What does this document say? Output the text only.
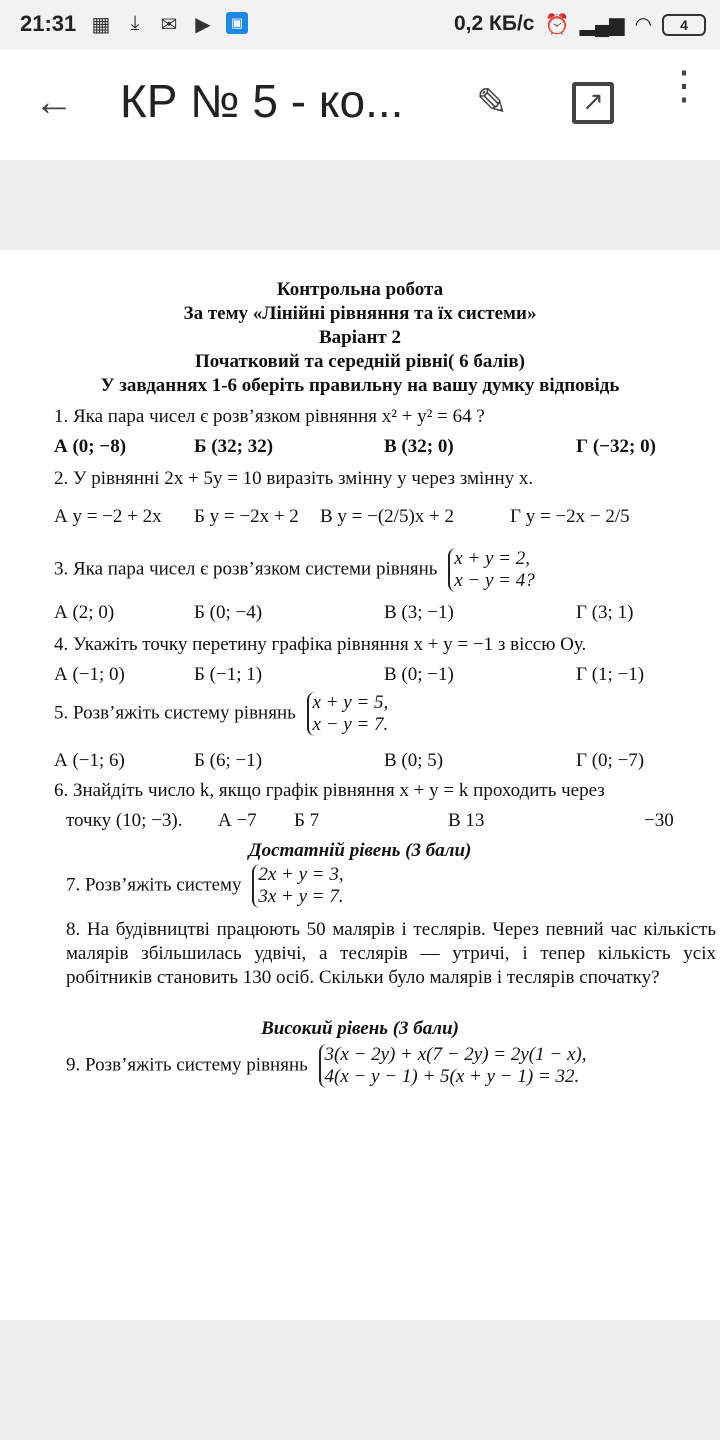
21:31 ▦	⤓	✉ ▶	▣	0,2 КБ/с ⏰ ▂▄▆ ◠	4
← КР № 5 - ко... ✎	↗ ⋮
Контрольна робота
За тему «Лінійні рівняння та їх системи»
Варіант 2
Початковий та середній рівні( 6 балів)
У завданнях 1-6 оберіть правильну на вашу думку відповідь
1. Яка пара чисел є розв’язком рівняння x² + y² = 64 ?
А (0; −8)	Б (32; 32)	В (32; 0)	Г (−32; 0)
2. У рівнянні 2x + 5y = 10 виразіть змінну у через змінну х.
А y = −2 + 2x Б y = −2x + 2 В y = −(2/5)x + 2	Г y = −2x − 2/5
3. Яка пара чисел є розв’язком системи рівнянь x + y = 2,
x − y = 4?
А (2; 0)	Б (0; −4)	В (3; −1)	Г (3; 1)
4. Укажіть точку перетину графіка рівняння x + y = −1 з віссю Оу.
А (−1; 0)	Б (−1; 1)	В (0; −1)	Г (1; −1)
5. Розв’яжіть систему рівнянь x + y = 5,
x − y = 7.
А (−1; 6)	Б (6; −1)	В (0; 5)	Г (0; −7)
6. Знайдіть число k, якщо графік рівняння x + y = k проходить через
точку (10; −3). А −7 Б 7	В 13	−30
Достатній рівень (3 бали)
7. Розв’яжіть систему 2x + y = 3,
3x + y = 7.
8. На будівництві працюють 50 малярів і теслярів. Через певний час кількість малярів збільшилась удвічі, а теслярів — утричі, і тепер кількість усіх робітників становить 130 осіб. Скільки було малярів і теслярів спочатку?
Високий рівень (3 бали)
9. Розв’яжіть систему рівнянь 3(x − 2y) + x(7 − 2y) = 2y(1 − x),
4(x − y − 1) + 5(x + y − 1) = 32.
